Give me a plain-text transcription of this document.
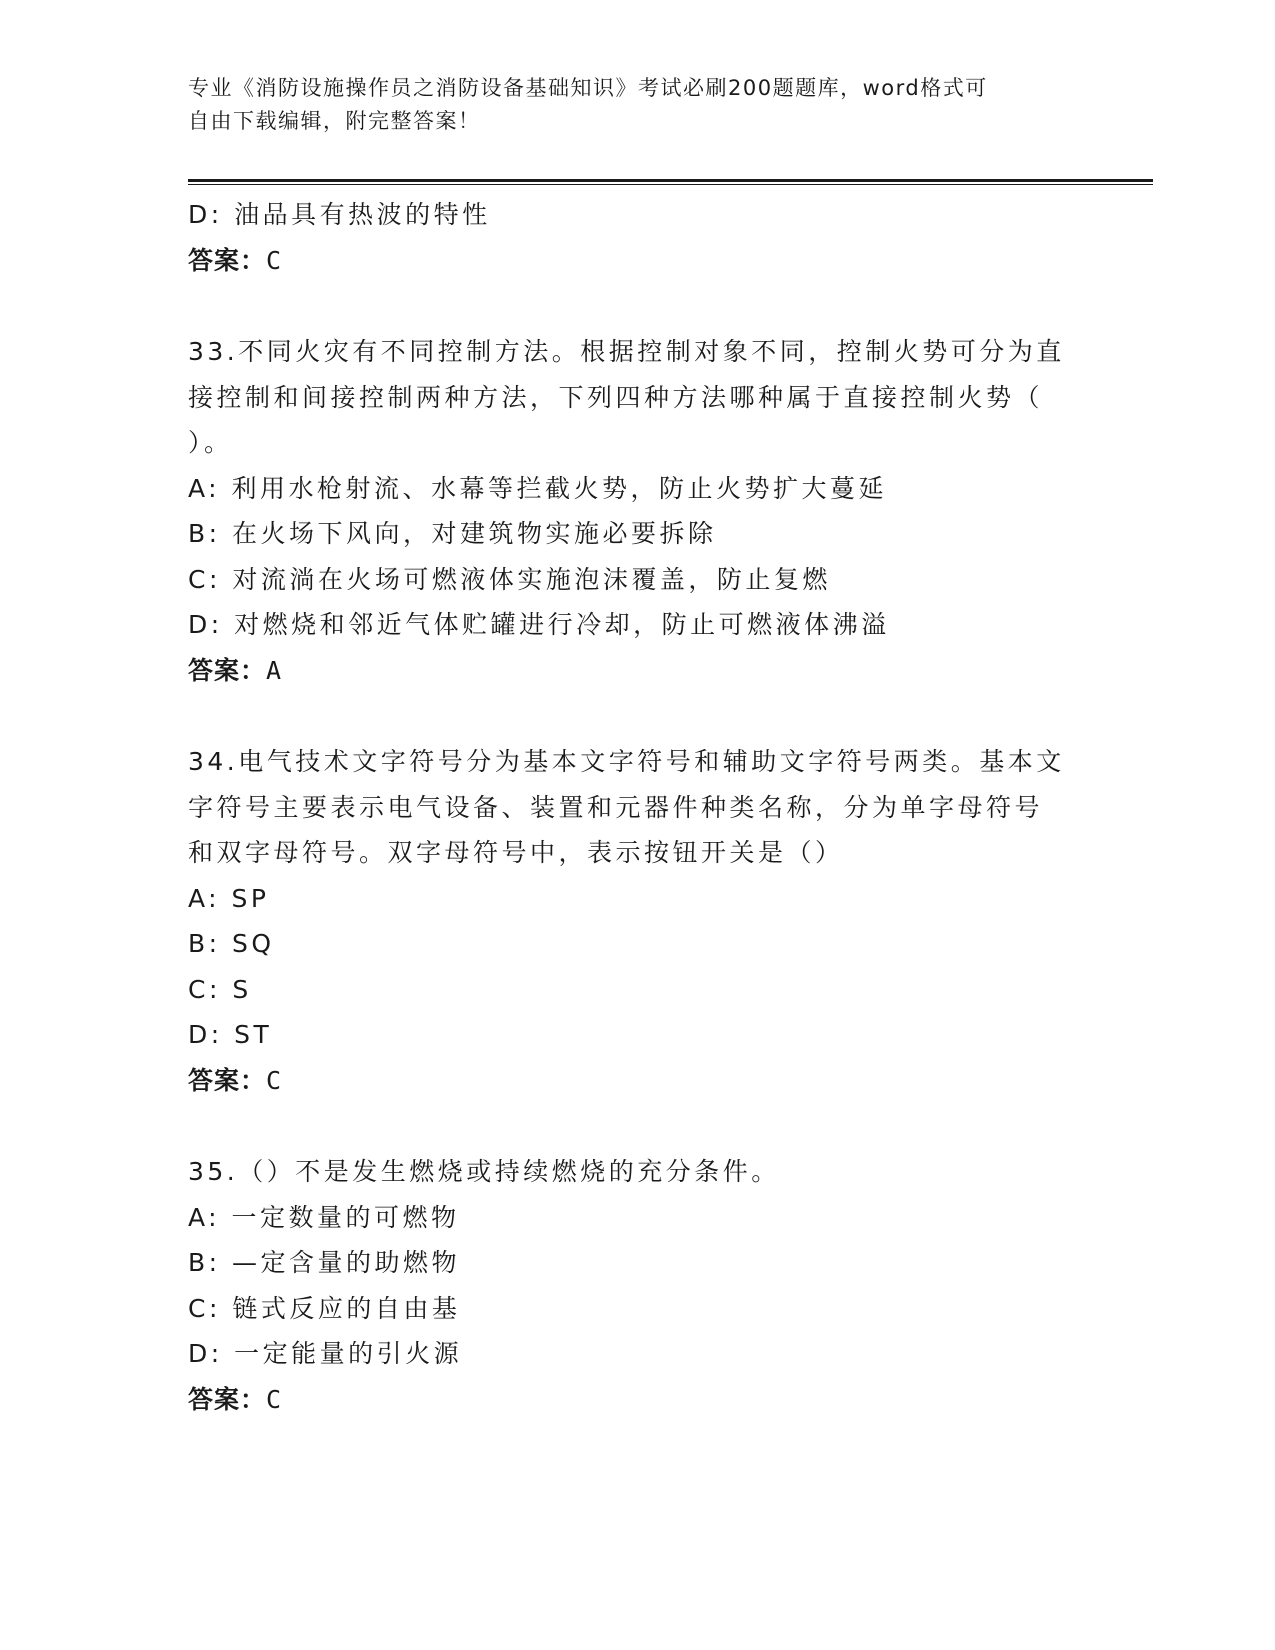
专业《消防设施操作员之消防设备基础知识》考试必刷200题题库，word格式可
自由下载编辑，附完整答案！
D: 油品具有热波的特性
答案：C
33.不同火灾有不同控制方法。根据控制对象不同，控制火势可分为直
接控制和间接控制两种方法，下列四种方法哪种属于直接控制火势（
）。
A: 利用水枪射流、水幕等拦截火势，防止火势扩大蔓延
B: 在火场下风向，对建筑物实施必要拆除
C: 对流淌在火场可燃液体实施泡沫覆盖，防止复燃
D: 对燃烧和邻近气体贮罐进行冷却，防止可燃液体沸溢
答案：A
34.电气技术文字符号分为基本文字符号和辅助文字符号两类。基本文
字符号主要表示电气设备、装置和元器件种类名称，分为单字母符号
和双字母符号。双字母符号中，表示按钮开关是（）
A: SP
B: SQ
C: S
D: ST
答案：C
35.（）不是发生燃烧或持续燃烧的充分条件。
A: 一定数量的可燃物
B: —定含量的助燃物
C: 链式反应的自由基
D: 一定能量的引火源
答案：C
